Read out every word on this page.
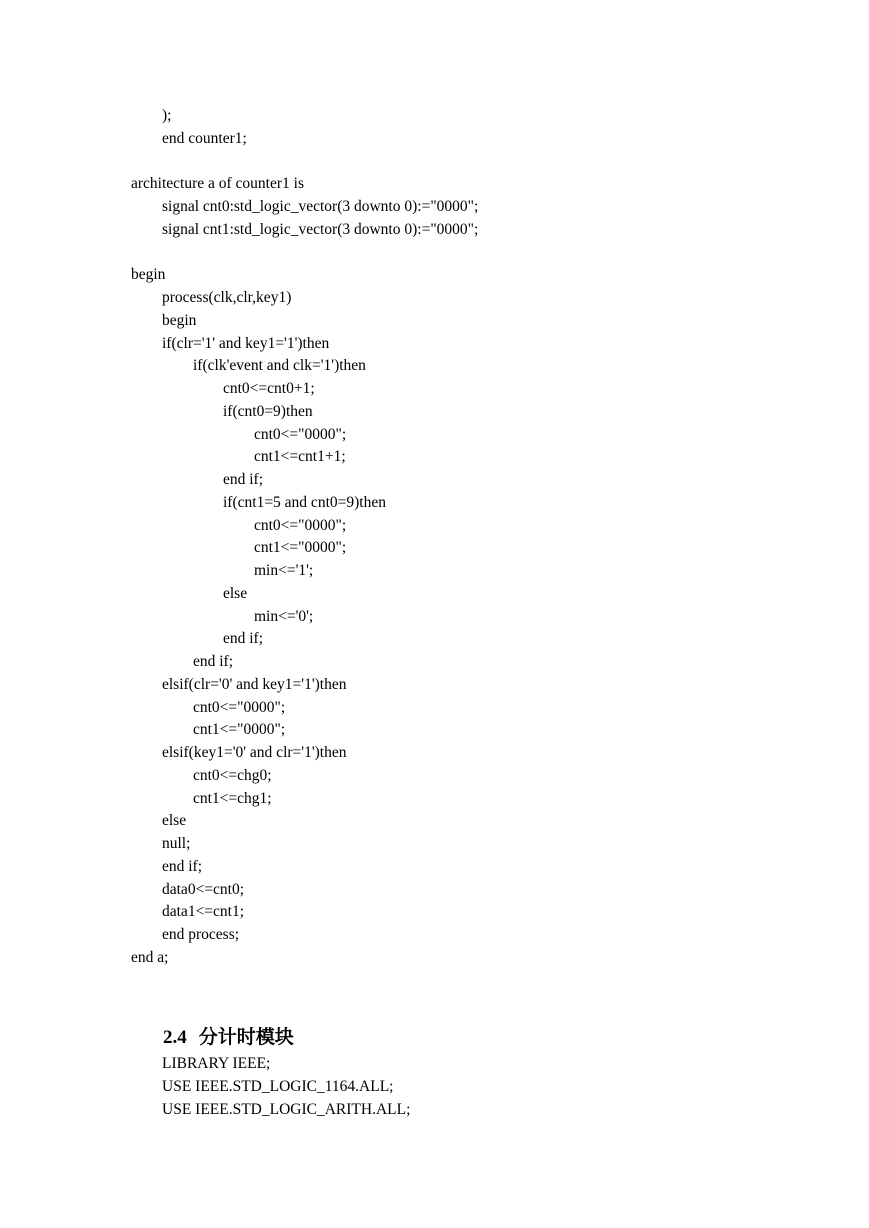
);
end counter1;
architecture a of counter1 is
signal cnt0:std_logic_vector(3 downto 0):="0000";
signal cnt1:std_logic_vector(3 downto 0):="0000";
begin
process(clk,clr,key1)
begin
if(clr='1' and key1='1')then
if(clk'event and clk='1')then
cnt0<=cnt0+1;
if(cnt0=9)then
cnt0<="0000";
cnt1<=cnt1+1;
end if;
if(cnt1=5 and cnt0=9)then
cnt0<="0000";
cnt1<="0000";
min<='1';
else
min<='0';
end if;
end if;
elsif(clr='0' and key1='1')then
cnt0<="0000";
cnt1<="0000";
elsif(key1='0' and clr='1')then
cnt0<=chg0;
cnt1<=chg1;
else
null;
end if;
data0<=cnt0;
data1<=cnt1;
end process;
end a;

2.4 分计时模块

LIBRARY IEEE;
USE IEEE.STD_LOGIC_1164.ALL;
USE IEEE.STD_LOGIC_ARITH.ALL;
